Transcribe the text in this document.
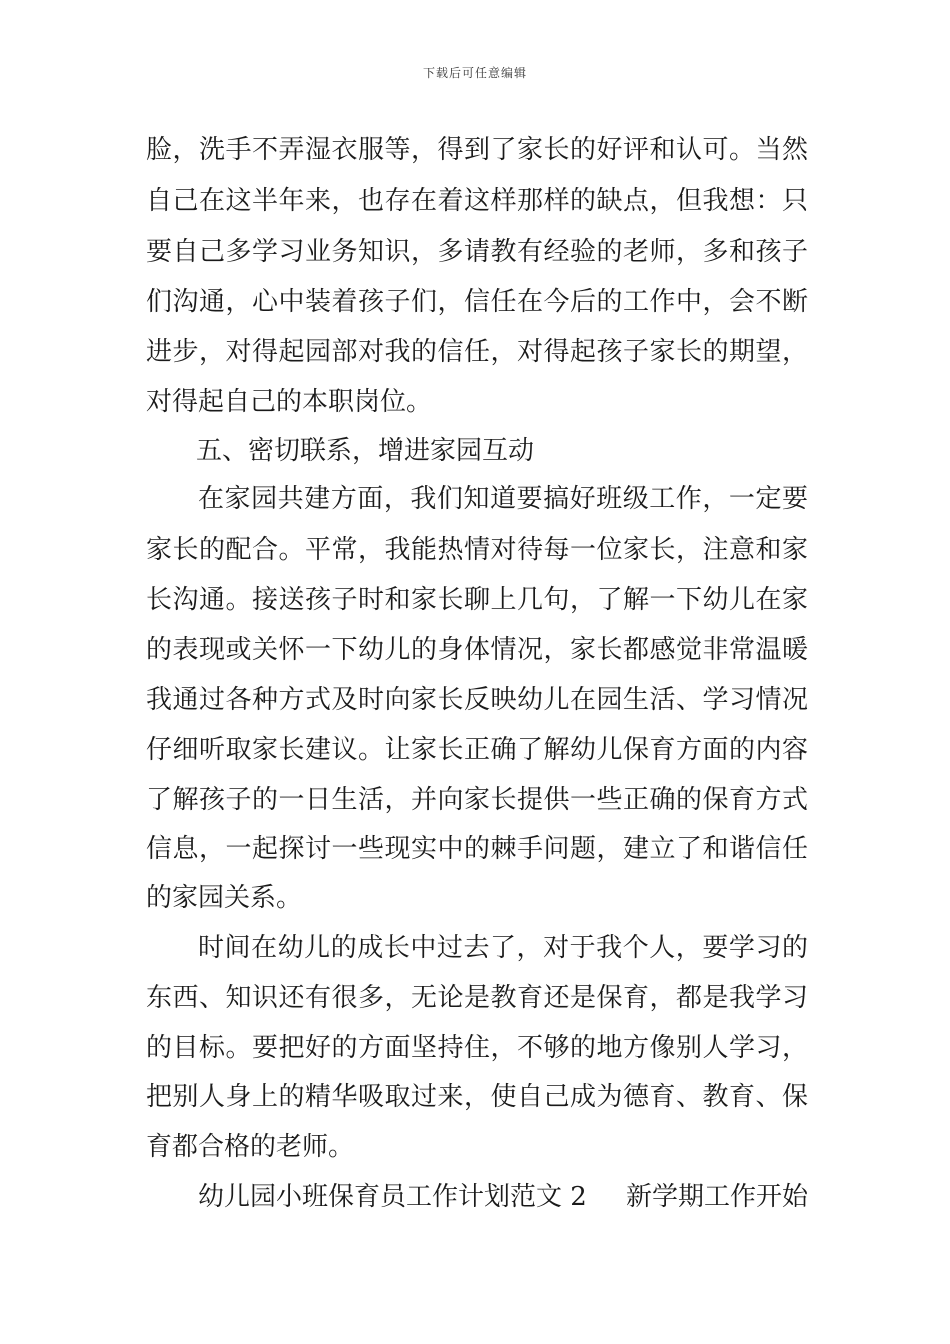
下载后可任意编辑
脸，洗手不弄湿衣服等，得到了家长的好评和认可。当然
自己在这半年来，也存在着这样那样的缺点，但我想：只
要自己多学习业务知识，多请教有经验的老师，多和孩子
们沟通，心中装着孩子们，信任在今后的工作中，会不断
进步，对得起园部对我的信任，对得起孩子家长的期望，
对得起自己的本职岗位。
五、密切联系，增进家园互动
在家园共建方面，我们知道要搞好班级工作，一定要
家长的配合。平常，我能热情对待每一位家长，注意和家
长沟通。接送孩子时和家长聊上几句，了解一下幼儿在家
的表现或关怀一下幼儿的身体情况，家长都感觉非常温暖
我通过各种方式及时向家长反映幼儿在园生活、学习情况
仔细听取家长建议。让家长正确了解幼儿保育方面的内容
了解孩子的一日生活，并向家长提供一些正确的保育方式
信息，一起探讨一些现实中的棘手问题，建立了和谐信任
的家园关系。
时间在幼儿的成长中过去了，对于我个人，要学习的
东西、知识还有很多，无论是教育还是保育，都是我学习
的目标。要把好的方面坚持住，不够的地方像别人学习，
把别人身上的精华吸取过来，使自己成为德育、教育、保
育都合格的老师。
幼儿园小班保育员工作计划范文 2 新学期工作开始
